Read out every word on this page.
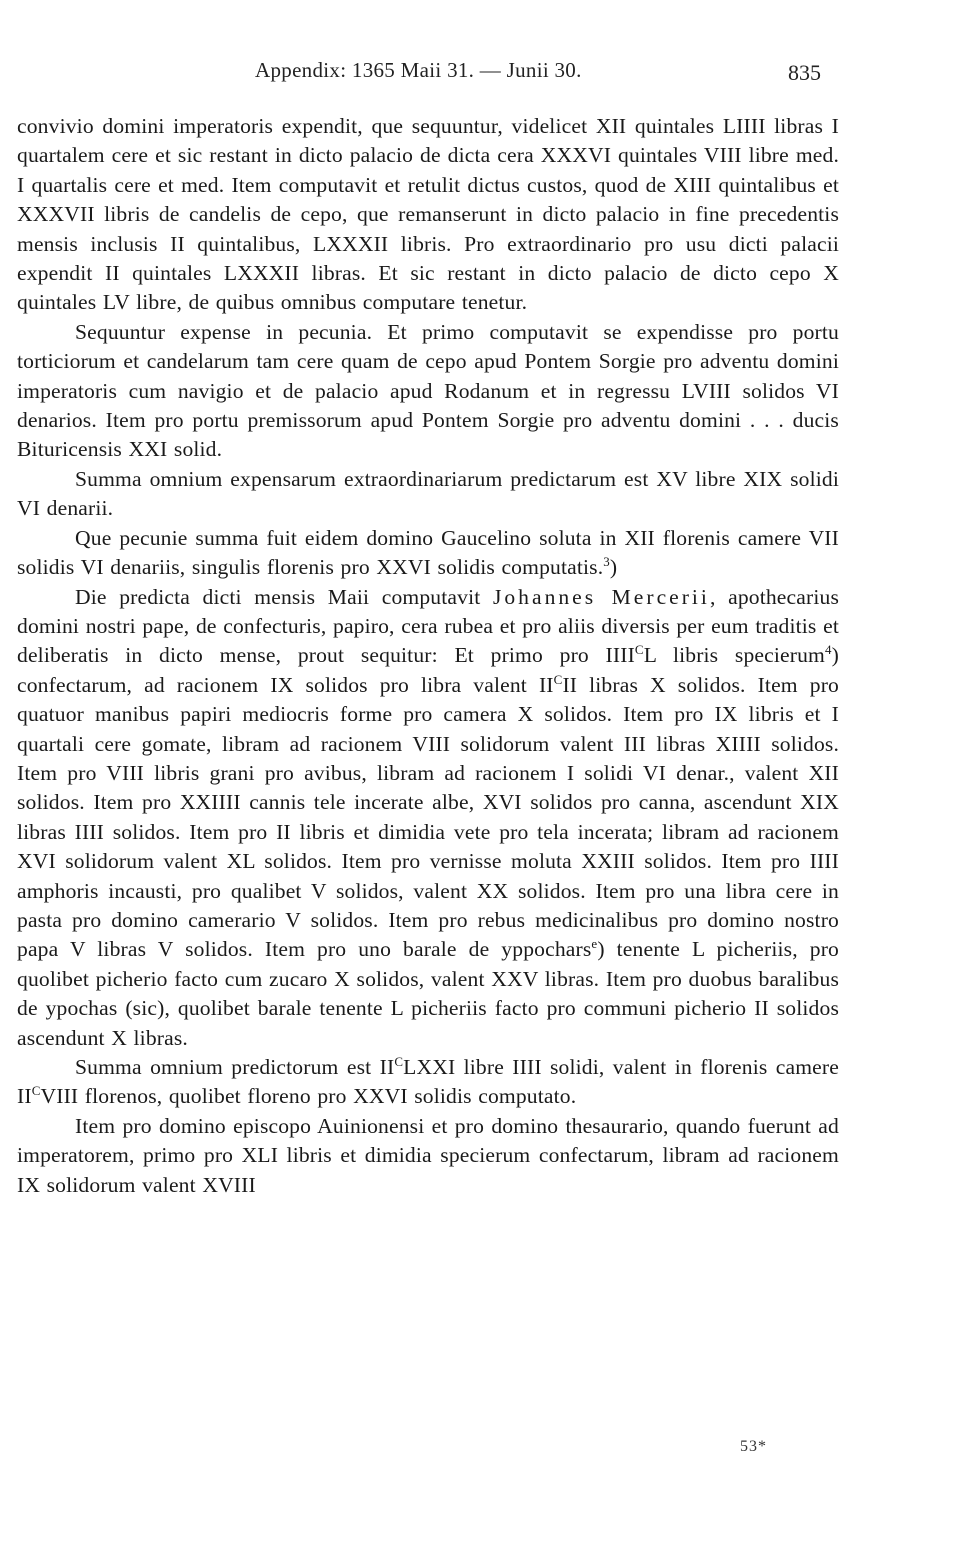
Appendix: 1365 Maii 31. — Junii 30.	835

convivio domini imperatoris expendit, que sequuntur, videlicet XII quintales LIIII libras I quartalem cere et sic restant in dicto palacio de dicta cera XXXVI quintales VIII libre med. I quartalis cere et med. Item computavit et retulit dictus custos, quod de XIII quintalibus et XXXVII libris de candelis de cepo, que remanserunt in dicto palacio in fine precedentis mensis inclusis II quintalibus, LXXXII libris. Pro extraordinario pro usu dicti palacii expendit II quintales LXXXII libras. Et sic restant in dicto palacio de dicto cepo X quintales LV libre, de quibus omnibus computare tenetur.

Sequuntur expense in pecunia. Et primo computavit se expendisse pro portu torticiorum et candelarum tam cere quam de cepo apud Pontem Sorgie pro adventu domini imperatoris cum navigio et de palacio apud Rodanum et in regressu LVIII solidos VI denarios. Item pro portu premissorum apud Pontem Sorgie pro adventu domini . . . ducis Bituricensis XXI solid.

Summa omnium expensarum extraordinariarum predictarum est XV libre XIX solidi VI denarii.

Que pecunie summa fuit eidem domino Gaucelino soluta in XII florenis camere VII solidis VI denariis, singulis florenis pro XXVI solidis computatis.$^3$)

Die predicta dicti mensis Maii computavit Johannes Mercerii, apothecarius domini nostri pape, de confecturis, papiro, cera rubea et pro aliis diversis per eum traditis et deliberatis in dicto mense, prout sequitur: Et primo pro $IIII^CL$ libris specierum$^4$) confectarum, ad racionem IX solidos pro libra valent $II^CII$ libras X solidos. Item pro quatuor manibus papiri mediocris forme pro camera X solidos. Item pro IX libris et I quartali cere gomate, libram ad racionem VIII solidorum valent III libras XIIII solidos. Item pro VIII libris grani pro avibus, libram ad racionem I solidi VI denar., valent XII solidos. Item pro XXIIII cannis tele incerate albe, XVI solidos pro canna, ascendunt XIX libras IIII solidos. Item pro II libris et dimidia vete pro tela incerata; libram ad racionem XVI solidorum valent XL solidos. Item pro vernisse moluta XXIII solidos. Item pro IIII amphoris incausti, pro qualibet V solidos, valent XX solidos. Item pro una libra cere in pasta pro domino camerario V solidos. Item pro rebus medicinalibus pro domino nostro papa V libras V solidos. Item pro uno barale de yppochars$^e$) tenente L picheriis, pro quolibet picherio facto cum zucaro X solidos, valent XXV libras. Item pro duobus baralibus de ypochas (sic), quolibet barale tenente L picheriis facto pro communi picherio II solidos ascendunt X libras.

Summa omnium predictorum est $II^CLXXI$ libre IIII solidi, valent in florenis camere $II^CVIII$ florenos, quolibet floreno pro XXVI solidis computato.

Item pro domino episcopo Auinionensi et pro domino thesaurario, quando fuerunt ad imperatorem, primo pro XLI libris et dimidia specierum confectarum, libram ad racionem IX solidorum valent XVIII

53*
